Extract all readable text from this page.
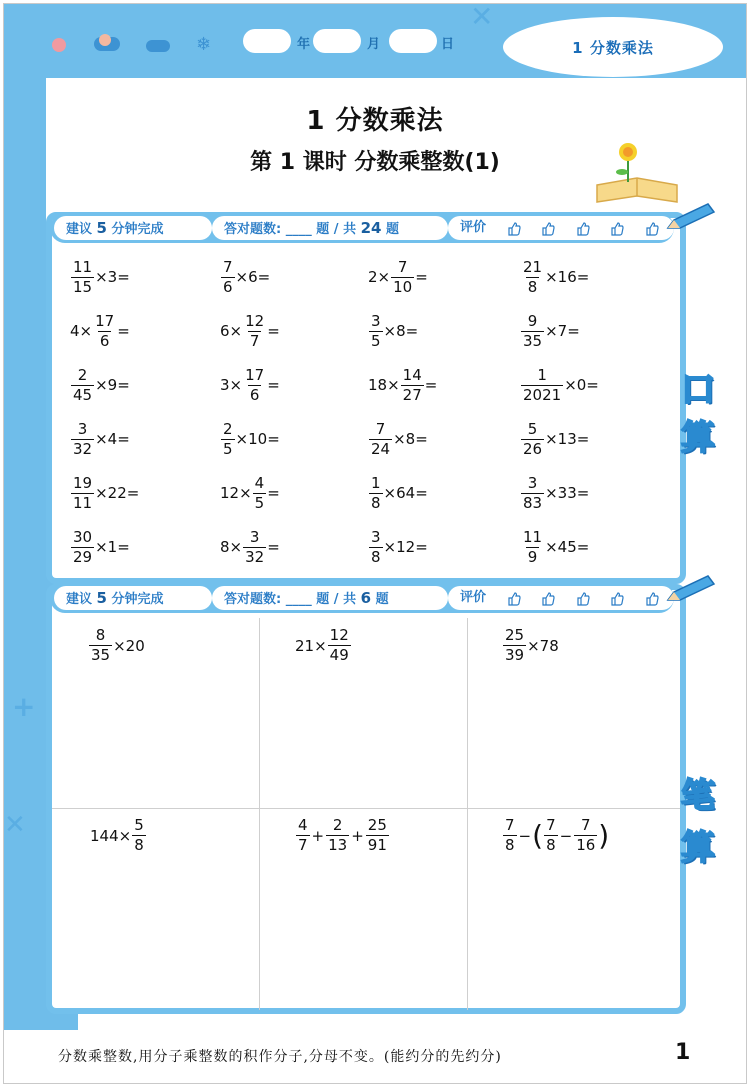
❄
✕
年	月	日	1 分数乘法
+
✕
1 分数乘法
第 1 课时 分数乘整数(1)
建议 5 分钟完成	答对题数: ____ 题 / 共 24 题	评价
$\frac{11}{15} \times 3=$	$\frac{7}{6} \times 6=$	$2\times \frac{7}{10}$ =	$\frac{21}{8} \times 16=$
$4\times \frac{17}{6}$ =	$6\times \frac{12}{7}$ =	$\frac{3}{5} \times 8=$	$\frac{9}{35} \times 7=$
$\frac{2}{45} \times 9=$	$3\times \frac{17}{6}$ =	$18\times \frac{14}{27}$ =	$\frac{1}{2021} \times 0=$
$\frac{3}{32} \times 4=$	$\frac{2}{5} \times 10=$	$\frac{7}{24} \times 8=$	$\frac{5}{26} \times 13=$
$\frac{19}{11} \times 22=$	$12\times \frac{4}{5}$ =	$\frac{1}{8} \times 64=$	$\frac{3}{83} \times 33=$
$\frac{30}{29} \times 1=$	$8\times \frac{3}{32}$ =	$\frac{3}{8} \times 12=$	$\frac{11}{9} \times 45=$
口
算
建议 5 分钟完成	答对题数: ____ 题 / 共 6 题	评价
$\frac{8}{35} \times 20$	$21\times \frac{12}{49}$	$\frac{25}{39} \times 78$
$144\times \frac{5}{8}$	$\frac{4}{7} + \frac{2}{13} + \frac{25}{91}$	$\frac{7}{8}$ − ( $\frac{7}{8} - \frac{7}{16}$ )
笔
算
分数乘整数,用分子乘整数的积作分子,分母不变。(能约分的先约分)	1
